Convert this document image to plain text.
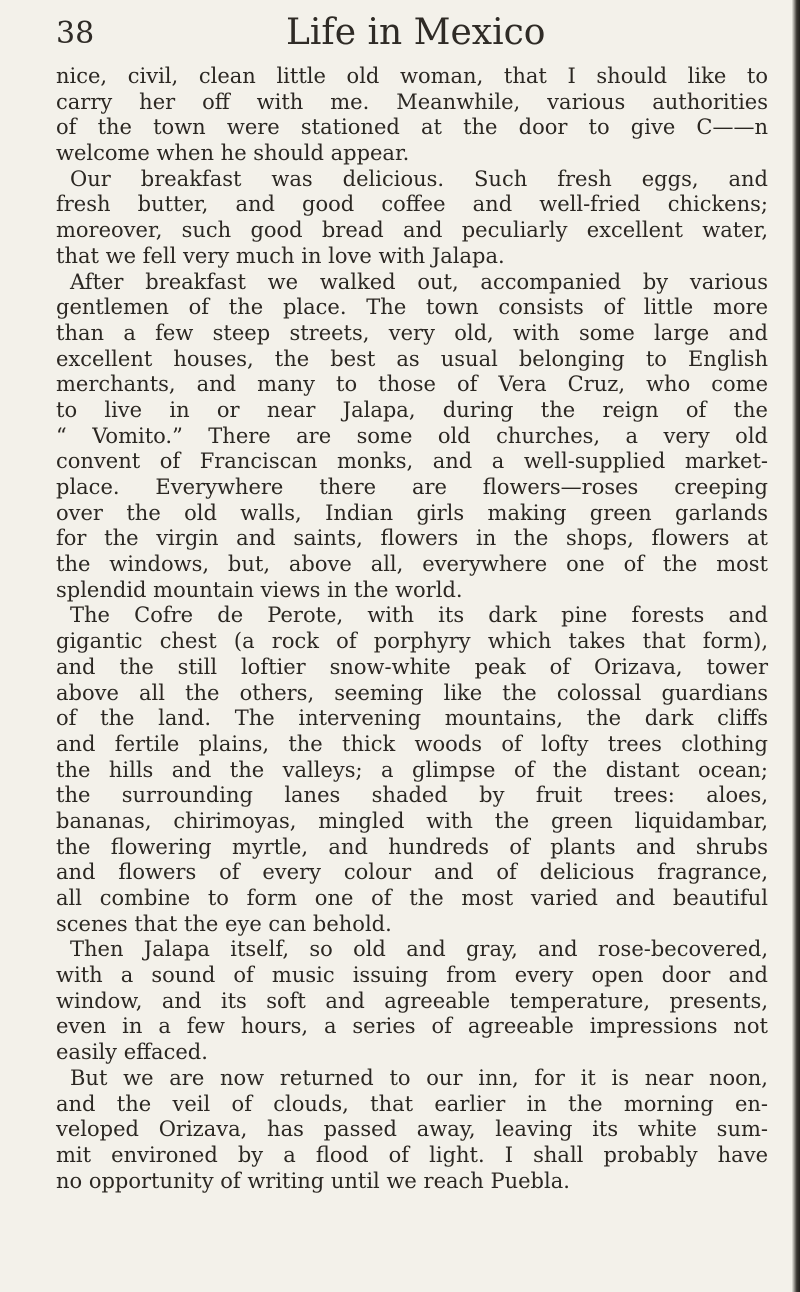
38	Life in Mexico
nice, civil, clean little old woman, that I should like to
carry her off with me. Meanwhile, various authorities
of the town were stationed at the door to give C——n
welcome when he should appear.
Our breakfast was delicious. Such fresh eggs, and
fresh butter, and good coffee and well-fried chickens;
moreover, such good bread and peculiarly excellent water,
that we fell very much in love with Jalapa.
After breakfast we walked out, accompanied by various
gentlemen of the place. The town consists of little more
than a few steep streets, very old, with some large and
excellent houses, the best as usual belonging to English
merchants, and many to those of Vera Cruz, who come
to live in or near Jalapa, during the reign of the
“ Vomito.” There are some old churches, a very old
convent of Franciscan monks, and a well-supplied market-
place. Everywhere there are flowers—roses creeping
over the old walls, Indian girls making green garlands
for the virgin and saints, flowers in the shops, flowers at
the windows, but, above all, everywhere one of the most
splendid mountain views in the world.
The Cofre de Perote, with its dark pine forests and
gigantic chest (a rock of porphyry which takes that form),
and the still loftier snow-white peak of Orizava, tower
above all the others, seeming like the colossal guardians
of the land. The intervening mountains, the dark cliffs
and fertile plains, the thick woods of lofty trees clothing
the hills and the valleys; a glimpse of the distant ocean;
the surrounding lanes shaded by fruit trees: aloes,
bananas, chirimoyas, mingled with the green liquidambar,
the flowering myrtle, and hundreds of plants and shrubs
and flowers of every colour and of delicious fragrance,
all combine to form one of the most varied and beautiful
scenes that the eye can behold.
Then Jalapa itself, so old and gray, and rose-becovered,
with a sound of music issuing from every open door and
window, and its soft and agreeable temperature, presents,
even in a few hours, a series of agreeable impressions not
easily effaced.
But we are now returned to our inn, for it is near noon,
and the veil of clouds, that earlier in the morning en-
veloped Orizava, has passed away, leaving its white sum-
mit environed by a flood of light. I shall probably have
no opportunity of writing until we reach Puebla.
